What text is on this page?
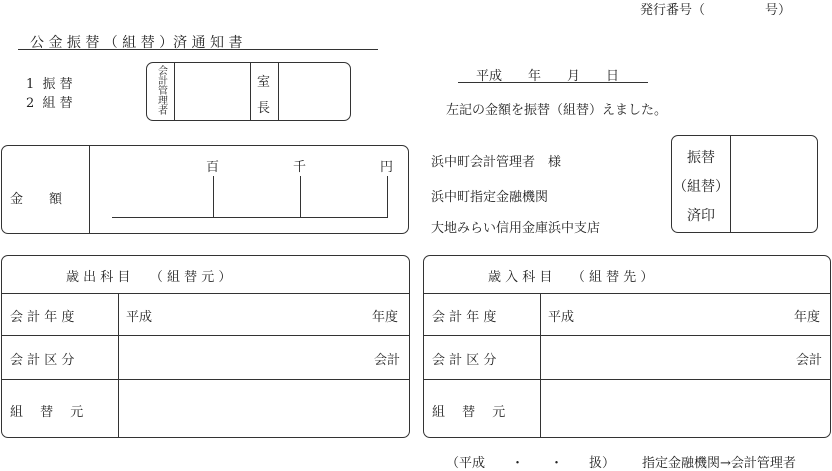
発行番号（	号）
公 金 振 替 （ 組 替 ）済 通 知 書
1 振 替
2 組 替
会計管理者
室
長
平成　　年　　月　　日
左記の金額を振替（組替）えました。
金　　額
百	千	円	浜中町会計管理者　様
浜中町指定金融機関
大地みらい信用金庫浜中支店
振替
（組替）
済印
歳 出 科 目　　（ 組 替 元 ）
会 計 年 度	平成	年度
会 計 区 分	会計
組　 替　 元
歳 入 科 目　　（ 組 替 先 ）
会 計 年 度	平成	年度
会 計 区 分	会計
組　 替　 元
（平成　　・　　・　　扱） 指定金融機関→会計管理者
